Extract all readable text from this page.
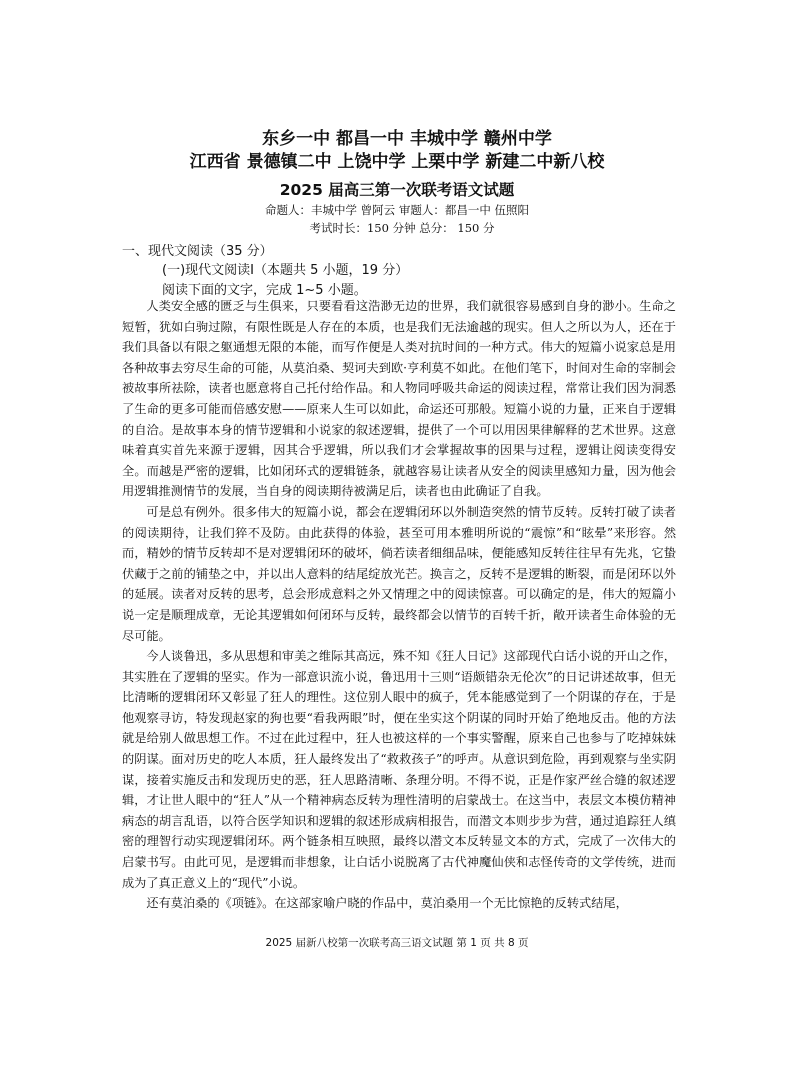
东乡一中 都昌一中 丰城中学 赣州中学
江西省 景德镇二中 上饶中学 上栗中学 新建二中新八校
2025 届高三第一次联考语文试题
命题人：丰城中学 曾阿云 审题人：都昌一中 伍照阳
考试时长：150 分钟 总分： 150 分
一、现代文阅读（35 分）
(一)现代文阅读Ⅰ（本题共 5 小题，19 分）
阅读下面的文字，完成 1~5 小题。

人类安全感的匮乏与生俱来，只要看看这浩渺无边的世界，我们就很容易感到自身的渺小。生命之短暂，犹如白驹过隙，有限性既是人存在的本质，也是我们无法逾越的现实。但人之所以为人，还在于我们具备以有限之躯通想无限的本能，而写作便是人类对抗时间的一种方式。伟大的短篇小说家总是用各种故事去穷尽生命的可能，从莫泊桑、契诃夫到欧·亨利莫不如此。在他们笔下，时间对生命的宰制会被故事所祛除，读者也愿意将自己托付给作品。和人物同呼吸共命运的阅读过程，常常让我们因为洞悉了生命的更多可能而倍感安慰——原来人生可以如此，命运还可那般。短篇小说的力量，正来自于逻辑的自洽。是故事本身的情节逻辑和小说家的叙述逻辑，提供了一个可以用因果律解释的艺术世界。这意味着真实首先来源于逻辑，因其合乎逻辑，所以我们才会掌握故事的因果与过程，逻辑让阅读变得安全。而越是严密的逻辑，比如闭环式的逻辑链条，就越容易让读者从安全的阅读里感知力量，因为他会用逻辑推测情节的发展，当自身的阅读期待被满足后，读者也由此确证了自我。

可是总有例外。很多伟大的短篇小说，都会在逻辑闭环以外制造突然的情节反转。反转打破了读者的阅读期待，让我们猝不及防。由此获得的体验，甚至可用本雅明所说的“震惊”和“眩晕”来形容。然而，精妙的情节反转却不是对逻辑闭环的破坏，倘若读者细细品味，便能感知反转往往早有先兆，它蛰伏藏于之前的铺垫之中，并以出人意料的结尾绽放光芒。换言之，反转不是逻辑的断裂，而是闭环以外的延展。读者对反转的思考，总会形成意料之外又情理之中的阅读惊喜。可以确定的是，伟大的短篇小说一定是顺理成章，无论其逻辑如何闭环与反转，最终都会以情节的百转千折，敞开读者生命体验的无尽可能。

今人谈鲁迅，多从思想和审美之维际其高远，殊不知《狂人日记》这部现代白话小说的开山之作，其实胜在了逻辑的坚实。作为一部意识流小说，鲁迅用十三则“语颇错杂无伦次”的日记讲述故事，但无比清晰的逻辑闭环又彰显了狂人的理性。这位别人眼中的疯子，凭本能感觉到了一个阴谋的存在，于是他观察寻访，特发现赵家的狗也要“看我两眼”时，便在坐实这个阴谋的同时开始了绝地反击。他的方法就是给别人做思想工作。不过在此过程中，狂人也被这样的一个事实警醒，原来自己也参与了吃掉妹妹的阴谋。面对历史的吃人本质，狂人最终发出了“救救孩子”的呼声。从意识到危险，再到观察与坐实阴谋，接着实施反击和发现历史的恶，狂人思路清晰、条理分明。不得不说，正是作家严丝合缝的叙述逻辑，才让世人眼中的“狂人”从一个精神病态反转为理性清明的启蒙战士。在这当中，表层文本模仿精神病态的胡言乱语，以符合医学知识和逻辑的叙述形成病相报告，而潜文本则步步为营，通过追踪狂人缜密的理智行动实现逻辑闭环。两个链条相互映照，最终以潜文本反转显文本的方式，完成了一次伟大的启蒙书写。由此可见，是逻辑而非想象，让白话小说脱离了古代神魔仙侠和志怪传奇的文学传统，进而成为了真正意义上的“现代”小说。

还有莫泊桑的《项链》。在这部家喻户晓的作品中，莫泊桑用一个无比惊艳的反转式结尾，

2025 届新八校第一次联考高三语文试题 第 1 页 共 8 页
